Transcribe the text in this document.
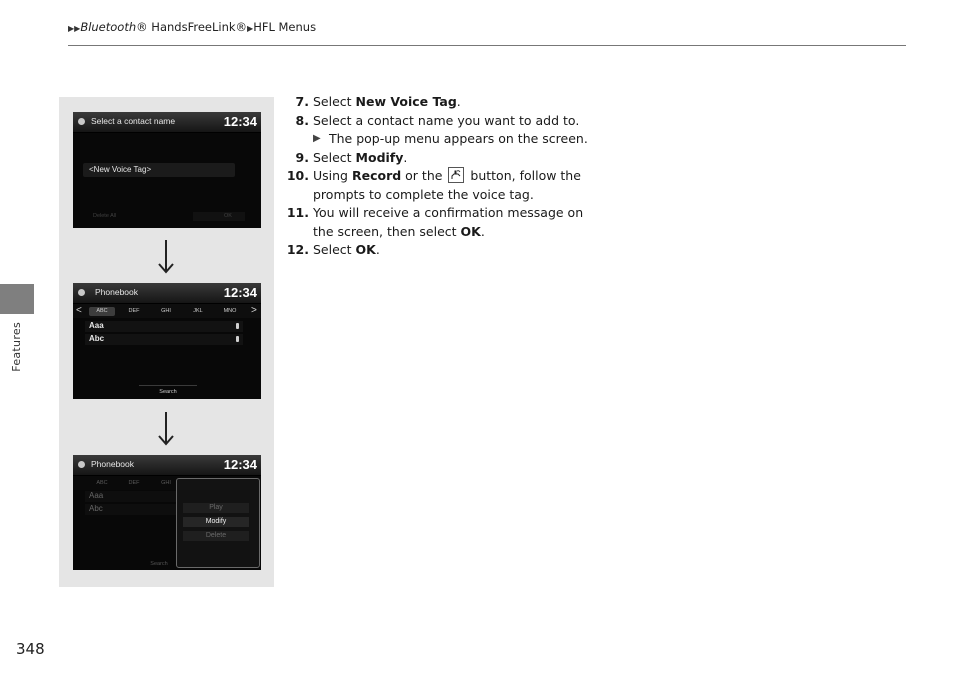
▶▶Bluetooth® HandsFreeLink®▶HFL Menus
Features
348
Select a contact name	12:34
<New Voice Tag>
Delete All	OK
Phonebook	12:34
<	ABC	DEF	GHI	JKL	MNO	>
Aaa
Abc
Search
Phonebook	12:34
ABC	DEF	GHI
Aaa
Abc
Search
Play
Modify
Delete
7. Select New Voice Tag.
8. Select a contact name you want to add to.
▶ The pop-up menu appears on the screen.
9. Select Modify.
10. Using Record or the
button, follow the prompts to complete the voice tag.
11. You will receive a confirmation message on the screen, then select OK.
12. Select OK.
